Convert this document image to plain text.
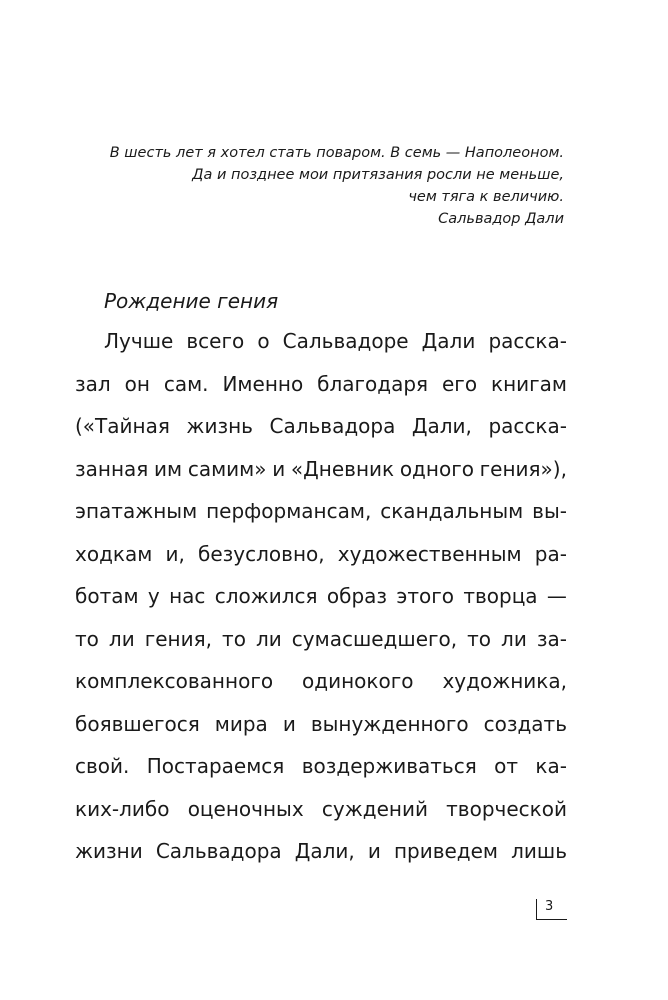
В шесть лет я хотел стать поваром. В семь — Наполеоном.
Да и позднее мои притязания росли не меньше,
чем тяга к величию.
Сальвадор Дали
Рождение гения
Лучше всего о Сальвадоре Дали расска-
зал он сам. Именно благодаря его книгам
(«Тайная жизнь Сальвадора Дали, расска-
занная им самим» и «Дневник одного гения»),
эпатажным перформансам, скандальным вы-
ходкам и, безусловно, художественным ра-
ботам у нас сложился образ этого творца —
то ли гения, то ли сумасшедшего, то ли за-
комплексованного одинокого художника,
боявшегося мира и вынужденного создать
свой. Постараемся воздерживаться от ка-
ких-либо оценочных суждений творческой
жизни Сальвадора Дали, и приведем лишь
3
